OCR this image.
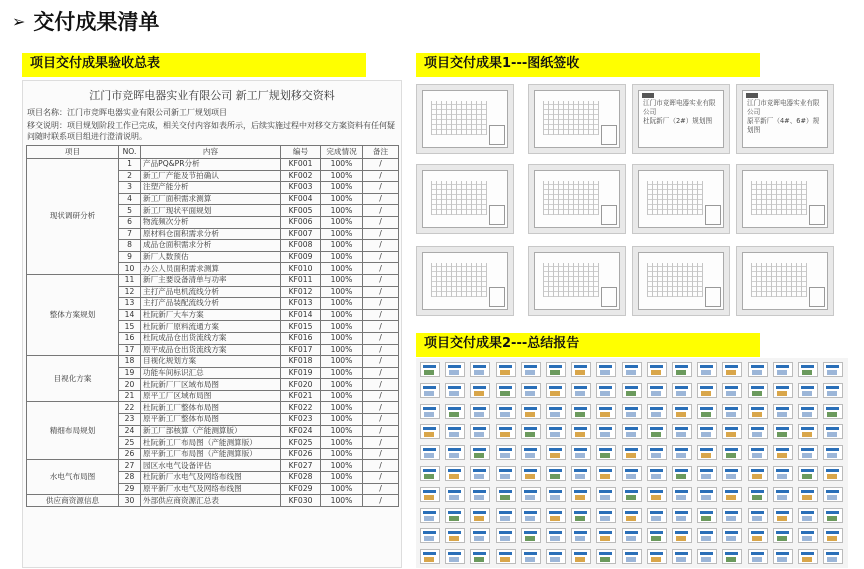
➢ 交付成果清单
项目交付成果验收总表	项目交付成果1---图纸签收
项目交付成果2---总结报告
江门市竞晖电器实业有限公司 新工厂规划移交资料
项目名称：江门市竞晖电器实业有限公司新工厂规划项目
移交说明：项目规划阶段工作已完成，相关交付内容如表所示，后续实施过程中对移交方案资料有任何疑问随时联系项目组进行澄清说明。
项目	NO.	内容	编号	完成情况	备注
现状调研分析	1	产品PQ&PR分析	KF001	100%	/
	2	新工厂产能及节拍确认	KF002	100%	/
	3	注塑产能分析	KF003	100%	/
	4	新工厂面积需求测算	KF004	100%	/
	5	新工厂现状平面规划	KF005	100%	/
	6	物流频次分析	KF006	100%	/
	7	原材料仓面积需求分析	KF007	100%	/
	8	成品仓面积需求分析	KF008	100%	/
	9	新厂人数预估	KF009	100%	/
	10	办公人员面积需求测算	KF010	100%	/
整体方案规划	11	新厂主要设备清单与功率	KF011	100%	/
	12	主打产品电机流线分析	KF012	100%	/
	13	主打产品装配流线分析	KF013	100%	/
	14	杜阮新厂大车方案	KF014	100%	/
	15	杜阮新厂原料流通方案	KF015	100%	/
	16	杜阮成品仓出货流线方案	KF016	100%	/
	17	原平成品仓出货流线方案	KF017	100%	/
目视化方案	18	目视化规划方案	KF018	100%	/
	19	功能车间标识汇总	KF019	100%	/
	20	杜阮新厂厂区域布局图	KF020	100%	/
	21	原平工厂区域布局图	KF021	100%	/
精细布局规划	22	杜阮新工厂整体布局图	KF022	100%	/
	23	原平新工厂整体布局图	KF023	100%	/
	24	新工厂部核算（产能测算版）	KF024	100%	/
	25	杜阮新工厂布局图（产能测算版）	KF025	100%	/
	26	原平新工厂布局图（产能测算版）	KF026	100%	/
水电气布局图	27	园区水电气设备评估	KF027	100%	/
	28	杜阮新厂水电气及网络布线图	KF028	100%	/
	29	原平新厂水电气及网络布线图	KF029	100%	/
供应商资源信息	30	外部供应商资源汇总表	KF030	100%	/
江门市竞晖电器实业有限公司
杜阮新厂（2#）规划图
江门市竞晖电器实业有限公司
原平新厂（4#、6#）规划图
